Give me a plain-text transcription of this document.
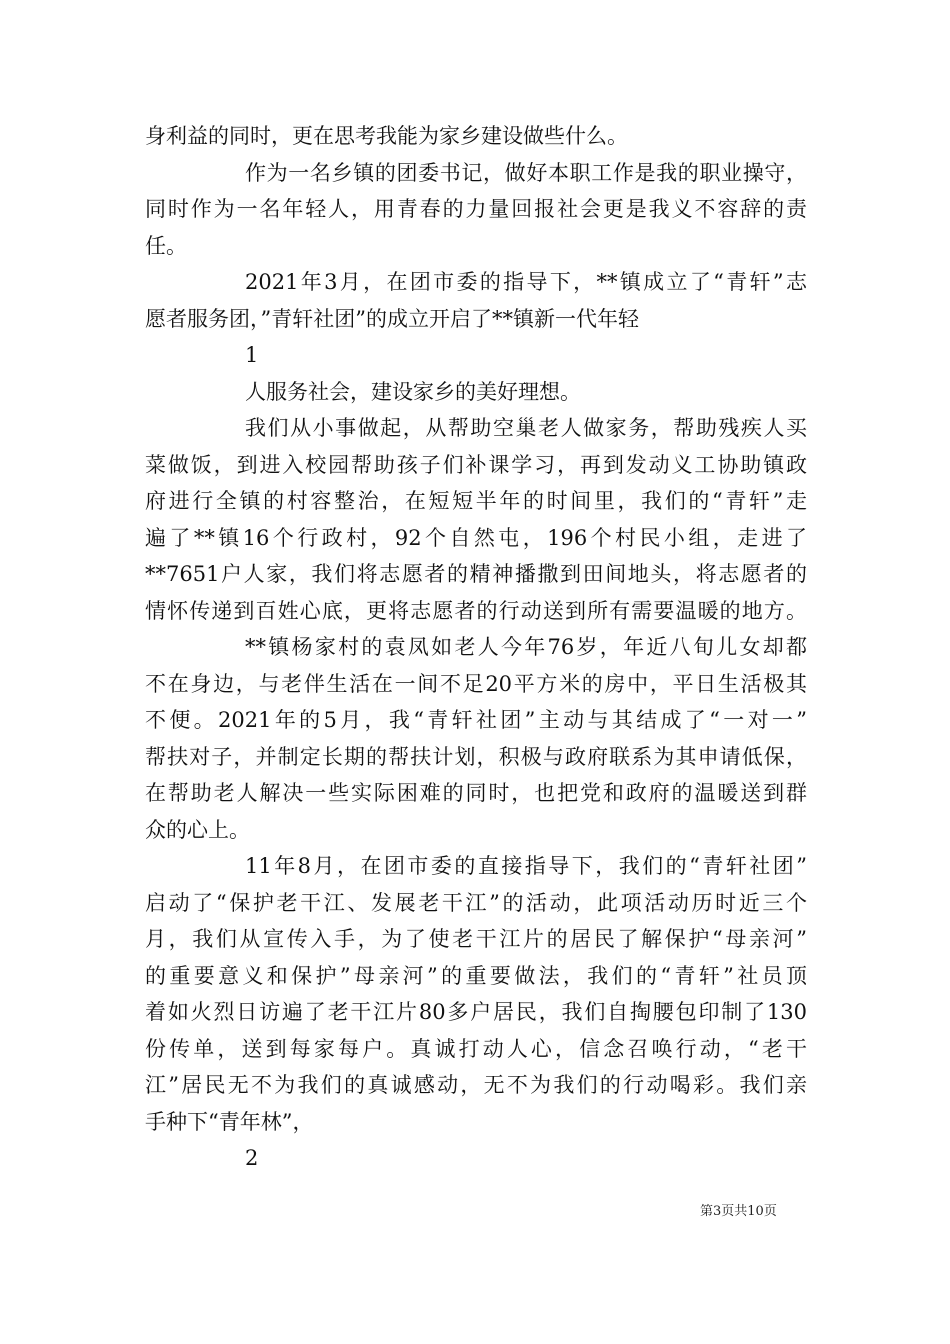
身利益的同时，更在思考我能为家乡建设做些什么。
作为一名乡镇的团委书记，做好本职工作是我的职业操守，
同时作为一名年轻人，用青春的力量回报社会更是我义不容辞的责
任。
2021年3月，在团市委的指导下，**镇成立了“青轩”志
愿者服务团，”青轩社团”的成立开启了**镇新一代年轻
1
人服务社会，建设家乡的美好理想。
我们从小事做起，从帮助空巢老人做家务，帮助残疾人买
菜做饭，到进入校园帮助孩子们补课学习，再到发动义工协助镇政
府进行全镇的村容整治，在短短半年的时间里，我们的“青轩”走
遍了**镇16个行政村，92个自然屯，196个村民小组，走进了
**7651户人家，我们将志愿者的精神播撒到田间地头，将志愿者的
情怀传递到百姓心底，更将志愿者的行动送到所有需要温暖的地方。
**镇杨家村的袁凤如老人今年76岁，年近八旬儿女却都
不在身边，与老伴生活在一间不足20平方米的房中，平日生活极其
不便。2021年的5月，我“青轩社团”主动与其结成了“一对一”
帮扶对子，并制定长期的帮扶计划，积极与政府联系为其申请低保，
在帮助老人解决一些实际困难的同时，也把党和政府的温暖送到群
众的心上。
11年8月，在团市委的直接指导下，我们的“青轩社团”
启动了“保护老干江、发展老干江”的活动，此项活动历时近三个
月，我们从宣传入手，为了使老干江片的居民了解保护“母亲河”
的重要意义和保护”母亲河”的重要做法，我们的“青轩”社员顶
着如火烈日访遍了老干江片80多户居民，我们自掏腰包印制了130
份传单，送到每家每户。真诚打动人心，信念召唤行动，“老干
江”居民无不为我们的真诚感动，无不为我们的行动喝彩。我们亲
手种下“青年林”，
2
第3页共10页
